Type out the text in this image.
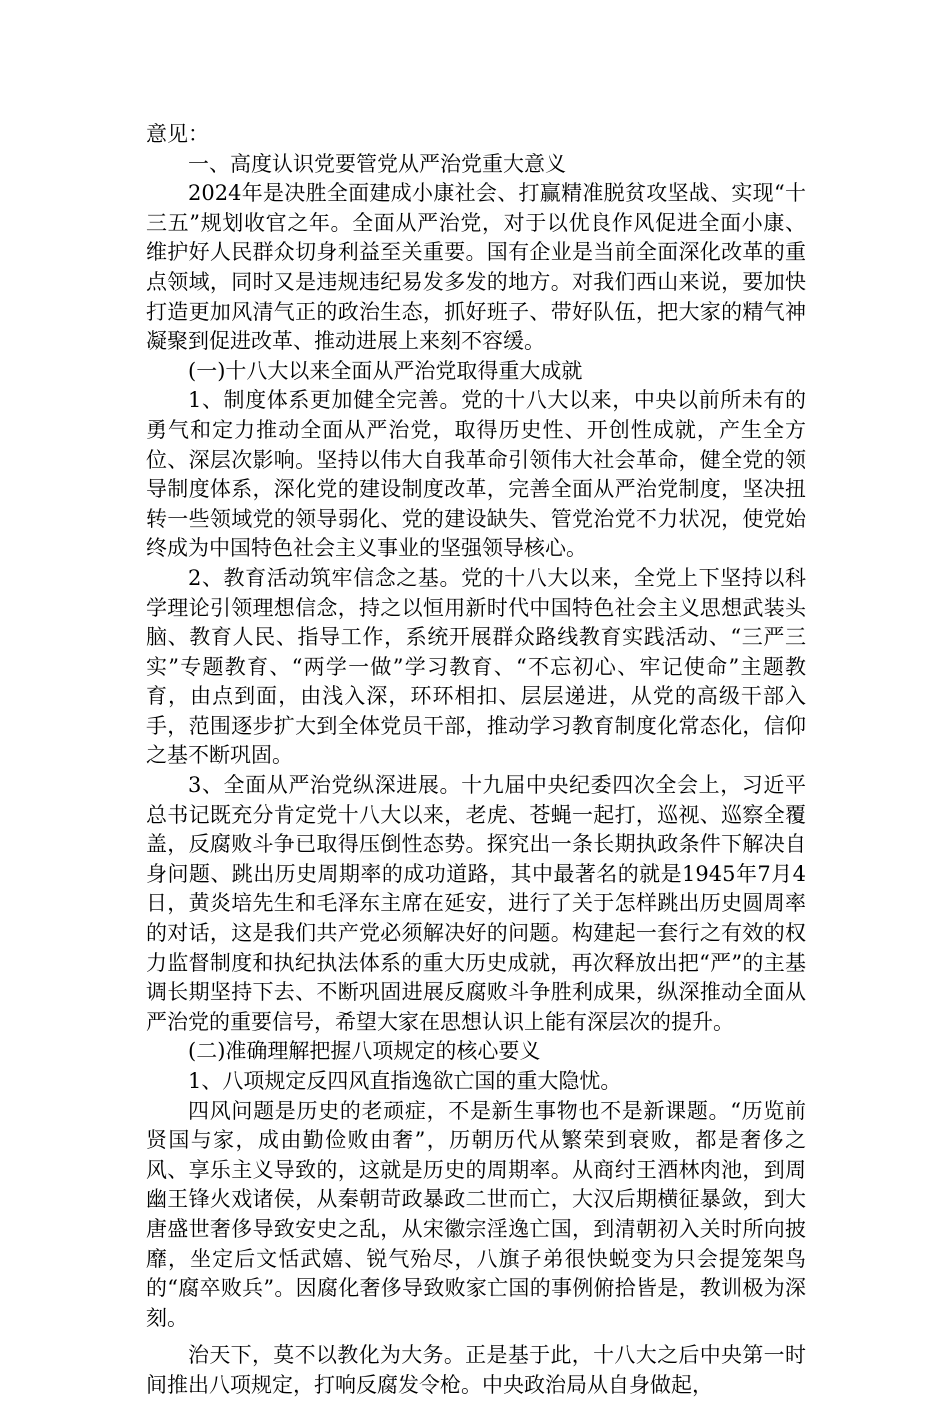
意见：

一、高度认识党要管党从严治党重大意义

2024年是决胜全面建成小康社会、打赢精准脱贫攻坚战、实现“十三五”规划收官之年。全面从严治党，对于以优良作风促进全面小康、维护好人民群众切身利益至关重要。国有企业是当前全面深化改革的重点领域，同时又是违规违纪易发多发的地方。对我们西山来说，要加快打造更加风清气正的政治生态，抓好班子、带好队伍，把大家的精气神凝聚到促进改革、推动进展上来刻不容缓。

(一)十八大以来全面从严治党取得重大成就

1、制度体系更加健全完善。党的十八大以来，中央以前所未有的勇气和定力推动全面从严治党，取得历史性、开创性成就，产生全方位、深层次影响。坚持以伟大自我革命引领伟大社会革命，健全党的领导制度体系，深化党的建设制度改革，完善全面从严治党制度，坚决扭转一些领域党的领导弱化、党的建设缺失、管党治党不力状况，使党始终成为中国特色社会主义事业的坚强领导核心。

2、教育活动筑牢信念之基。党的十八大以来，全党上下坚持以科学理论引领理想信念，持之以恒用新时代中国特色社会主义思想武装头脑、教育人民、指导工作，系统开展群众路线教育实践活动、“三严三实”专题教育、“两学一做”学习教育、“不忘初心、牢记使命”主题教育，由点到面，由浅入深，环环相扣、层层递进，从党的高级干部入手，范围逐步扩大到全体党员干部，推动学习教育制度化常态化，信仰之基不断巩固。

3、全面从严治党纵深进展。十九届中央纪委四次全会上，习近平总书记既充分肯定党十八大以来，老虎、苍蝇一起打，巡视、巡察全覆盖，反腐败斗争已取得压倒性态势。探究出一条长期执政条件下解决自身问题、跳出历史周期率的成功道路，其中最著名的就是1945年7月4日，黄炎培先生和毛泽东主席在延安，进行了关于怎样跳出历史圆周率的对话，这是我们共产党必须解决好的问题。构建起一套行之有效的权力监督制度和执纪执法体系的重大历史成就，再次释放出把“严”的主基调长期坚持下去、不断巩固进展反腐败斗争胜利成果，纵深推动全面从严治党的重要信号，希望大家在思想认识上能有深层次的提升。

(二)准确理解把握八项规定的核心要义

1、八项规定反四风直指逸欲亡国的重大隐忧。

四风问题是历史的老顽症，不是新生事物也不是新课题。“历览前贤国与家，成由勤俭败由奢”，历朝历代从繁荣到衰败，都是奢侈之风、享乐主义导致的，这就是历史的周期率。从商纣王酒林肉池，到周幽王锋火戏诸侯，从秦朝苛政暴政二世而亡，大汉后期横征暴敛，到大唐盛世奢侈导致安史之乱，从宋徽宗淫逸亡国，到清朝初入关时所向披靡，坐定后文恬武嬉、锐气殆尽，八旗子弟很快蜕变为只会提笼架鸟的“腐卒败兵”。因腐化奢侈导致败家亡国的事例俯拾皆是，教训极为深刻。

治天下，莫不以教化为大务。正是基于此，十八大之后中央第一时间推出八项规定，打响反腐发令枪。中央政治局从自身做起，
